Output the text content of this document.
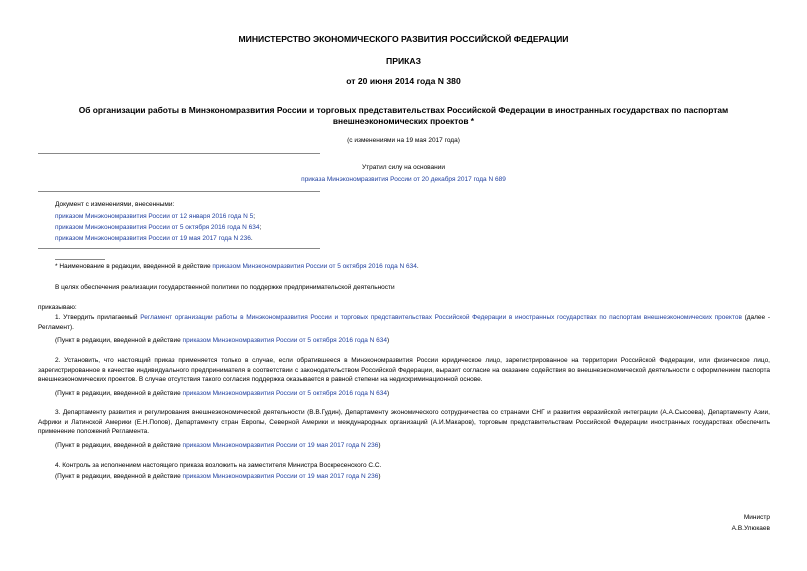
МИНИСТЕРСТВО ЭКОНОМИЧЕСКОГО РАЗВИТИЯ РОССИЙСКОЙ ФЕДЕРАЦИИ
ПРИКАЗ
от 20 июня 2014 года N 380
Об организации работы в Минэкономразвития России и торговых представительствах Российской Федерации в иностранных государствах по паспортам
внешнеэкономических проектов *
(с изменениями на 19 мая 2017 года)
Утратил силу на основании
приказа Минэкономразвития России от 20 декабря 2017 года N 689
Документ с изменениями, внесенными:
приказом Минэкономразвития России от 12 января 2016 года N 5;
приказом Минэкономразвития России от 5 октября 2016 года N 634;
приказом Минэкономразвития России от 19 мая 2017 года N 236.
* Наименование в редакции, введенной в действие приказом Минэкономразвития России от 5 октября 2016 года N 634.
В целях обеспечения реализации государственной политики по поддержке предпринимательской деятельности
приказываю:
1. Утвердить прилагаемый Регламент организации работы в Минэкономразвития России и торговых представительствах Российской Федерации в иностранных государствах по паспортам внешнеэкономических проектов (далее - Регламент).
(Пункт в редакции, введенной в действие приказом Минэкономразвития России от 5 октября 2016 года N 634)
2. Установить, что настоящий приказ применяется только в случае, если обратившееся в Минэкономразвития России юридическое лицо, зарегистрированное на территории Российской Федерации, или физическое лицо, зарегистрированное в качестве индивидуального предпринимателя в соответствии с законодательством Российской Федерации, выразит согласие на оказание содействия во внешнеэкономической деятельности с оформлением паспорта внешнеэкономических проектов. В случае отсутствия такого согласия поддержка оказывается в равной степени на недискриминационной основе.
(Пункт в редакции, введенной в действие приказом Минэкономразвития России от 5 октября 2016 года N 634)
3. Департаменту развития и регулирования внешнеэкономической деятельности (В.В.Гудин), Департаменту экономического сотрудничества со странами СНГ и развития евразийской интеграции (А.А.Сысоева), Департаменту Азии, Африки и Латинской Америки (Е.Н.Попов), Департаменту стран Европы, Северной Америки и международных организаций (А.И.Макаров), торговым представительствам Российской Федерации иностранных государствах обеспечить применение положений Регламента.
(Пункт в редакции, введенной в действие приказом Минэкономразвития России от 19 мая 2017 года N 236)
4. Контроль за исполнением настоящего приказа возложить на заместителя Министра Воскресенского С.С.
(Пункт в редакции, введенной в действие приказом Минэкономразвития России от 19 мая 2017 года N 236)
Министр
А.В.Улюкаев
